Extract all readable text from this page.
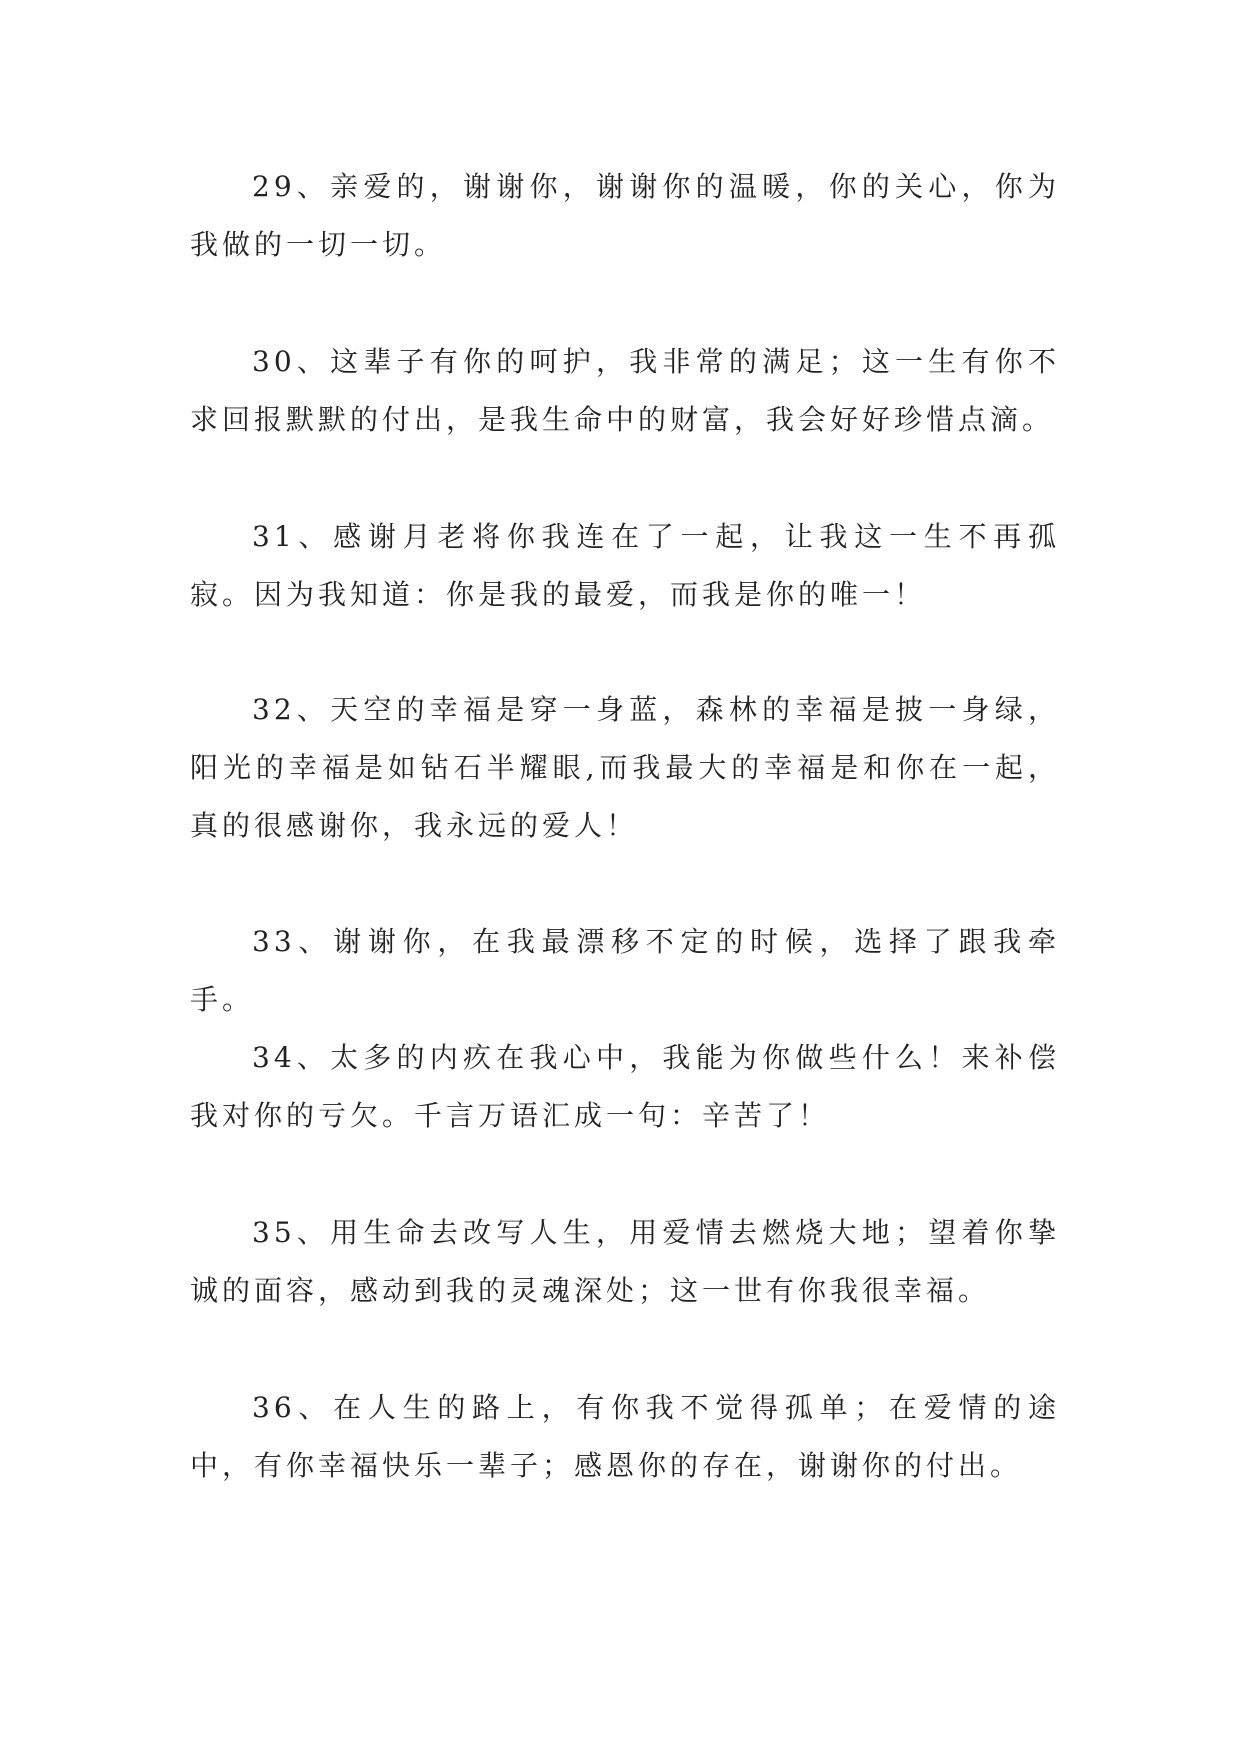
29、亲爱的，谢谢你，谢谢你的温暖，你的关心，你为我做的一切一切。

30、这辈子有你的呵护，我非常的满足；这一生有你不求回报默默的付出，是我生命中的财富，我会好好珍惜点滴。

31、感谢月老将你我连在了一起，让我这一生不再孤寂。因为我知道：你是我的最爱，而我是你的唯一！

32、天空的幸福是穿一身蓝，森林的幸福是披一身绿，阳光的幸福是如钻石半耀眼,而我最大的幸福是和你在一起，真的很感谢你，我永远的爱人！

33、谢谢你，在我最漂移不定的时候，选择了跟我牵手。

34、太多的内疚在我心中，我能为你做些什么！来补偿我对你的亏欠。千言万语汇成一句：辛苦了！

35、用生命去改写人生，用爱情去燃烧大地；望着你挚诚的面容，感动到我的灵魂深处；这一世有你我很幸福。

36、在人生的路上，有你我不觉得孤单；在爱情的途中，有你幸福快乐一辈子；感恩你的存在，谢谢你的付出。
